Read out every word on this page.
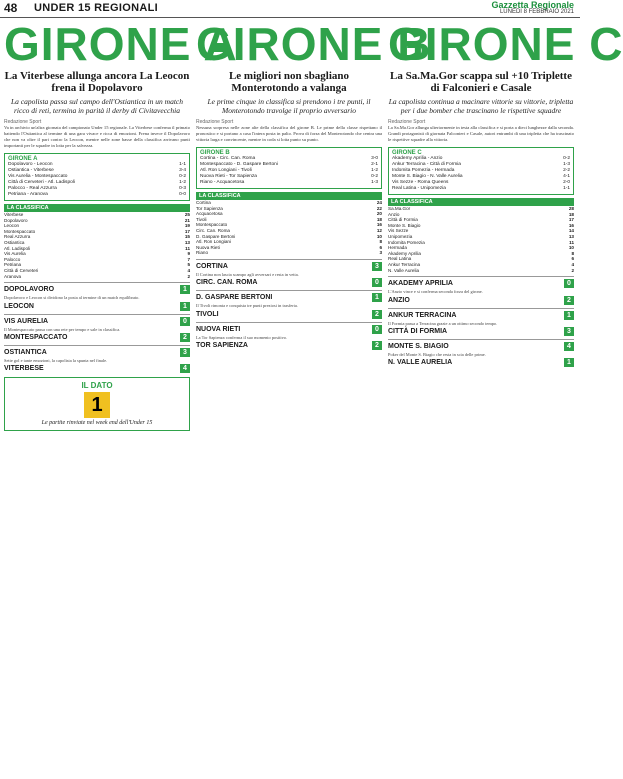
48 UNDER 15 REGIONALI	Gazzetta Regionale
LUNEDI 8 FEBBRAIO 2021
GIRONE A
La Viterbese allunga ancora La Leocon frena il Dopolavoro
La capolista passa sul campo dell'Ostiantica in un match ricco di reti, termina in parità il derby di Civitavecchia
Redazione Sport

Va in archivio un'altra giornata del campionato Under 15 regionale. La Viterbese conferma il primato battendo l'Ostiantica al termine di una gara vivace e ricca di emozioni. Frena invece il Dopolavoro che non va oltre il pari contro la Leocon, mentre nelle zone basse della classifica arrivano punti importanti per le squadre in lotta per la salvezza.

GIRONE A
Dopolavoro - Leocon	1-1
Ostiantica - Viterbese	3-4
Vis Aurelia - Montespaccato	0-2
Città di Cerveteri - Atl. Ladispoli	1-2
Palocco - Real Azzurra	0-3
Petriana - Aranova	0-0
LA CLASSIFICA
Viterbese	25
Dopolavoro	21
Leocon	19
Montespaccato	17
Real Azzurra	15
Ostiantica	13
Atl. Ladispoli	11
Vis Aurelia	9
Palocco	7
Petriana	5
Città di Cerveteri	4
Aranova	2
DOPOLAVORO	1
Dopolavoro e Leocon si dividono la posta al termine di un match equilibrato.
LEOCON	1
VIS AURELIA	0
Il Montespaccato passa con una rete per tempo e sale in classifica.
MONTESPACCATO	2
OSTIANTICA	3
Sette gol e tante emozioni, la capolista la spunta nel finale.
VITERBESE	4
IL DATO
1
Le partite rinviate nel week end dell'Under 15
GIRONE B
Le migliori non sbagliano Monterotondo a valanga
Le prime cinque in classifica si prendono i tre punti, il Monterotondo travolge il proprio avversario
Redazione Sport

Nessuna sorpresa nelle zone alte della classifica del girone B. Le prime della classe rispettano il pronostico e si portano a casa l'intera posta in palio. Prova di forza del Monterotondo che centra una vittoria larga e convincente, mentre in coda si lotta punto su punto.

GIRONE B
Cortina - Circ. Can. Roma	3-0
Montespaccato - D. Gaspare Bertoni	2-1
Atl. Ron Longiani - Tivoli	1-2
Nuova Rieti - Tor Sapienza	0-2
Riano - Acquacetosa	1-3
LA CLASSIFICA
Cortina	24
Tor Sapienza	22
Acquacetosa	20
Tivoli	18
Montespaccato	16
Circ. Can. Roma	12
D. Gaspare Bertoni	10
Atl. Ron Longiani	8
Nuova Rieti	6
Riano	3
CORTINA	3
Il Cortina non lascia scampo agli avversari e resta in vetta.
CIRC. CAN. ROMA	0
D. GASPARE BERTONI	1
Il Tivoli rimonta e conquista tre punti preziosi in trasferta.
TIVOLI	2
NUOVA RIETI	0
La Tor Sapienza conferma il suo momento positivo.
TOR SAPIENZA	2
GIRONE C
La Sa.Ma.Gor scappa sul +10 Triplette di Falconieri e Casale
La capolista continua a macinare vittorie su vittorie, tripletta per i due bomber che trascinano le rispettive squadre
Redazione Sport

La Sa.Ma.Gor allunga ulteriormente in testa alla classifica e si porta a dieci lunghezze dalla seconda. Grandi protagonisti di giornata Falconieri e Casale, autori entrambi di una tripletta che ha trascinato le rispettive squadre alla vittoria.

GIRONE C
Akademy Aprilia - Anzio	0-2
Ankur Terracina - Città di Formia	1-3
Indomita Pomezia - Hermada	2-2
Monte S. Biagio - N. Valle Aurelia	4-1
Vis Sezze - Roma Queens	2-0
Real Latina - Unipomezia	1-1
LA CLASSIFICA
Sa.Ma.Gor	28
Anzio	18
Città di Formia	17
Monte S. Biagio	16
Vis Sezze	14
Unipomezia	13
Indomita Pomezia	11
Hermada	10
Akademy Aprilia	8
Real Latina	6
Ankur Terracina	4
N. Valle Aurelia	2
AKADEMY APRILIA	0
L'Anzio vince e si conferma seconda forza del girone.
ANZIO	2
ANKUR TERRACINA	1
Il Formia passa a Terracina grazie a un ottimo secondo tempo.
CITTÀ DI FORMIA	3
MONTE S. BIAGIO	4
Poker del Monte S. Biagio che resta in scia delle prime.
N. VALLE AURELIA	1
